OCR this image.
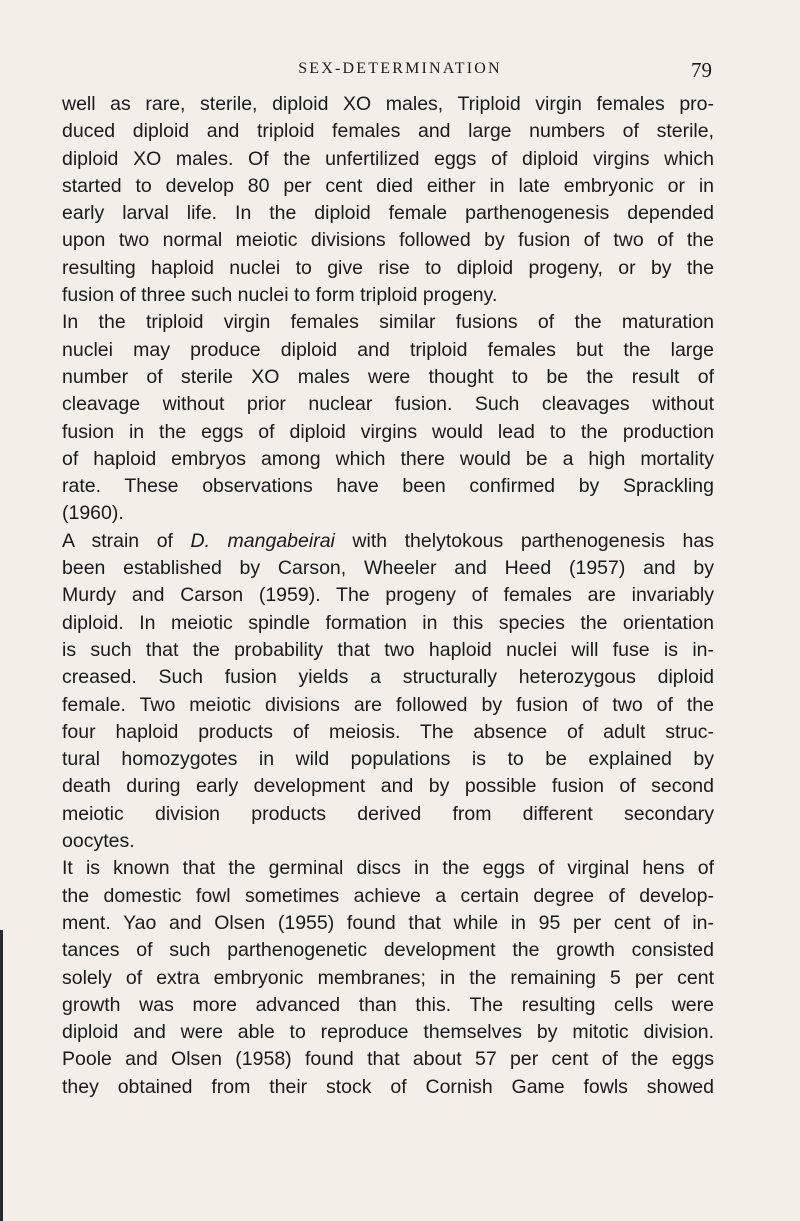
SEX-DETERMINATION	79
well as rare, sterile, diploid XO males, Triploid virgin females pro-
duced diploid and triploid females and large numbers of sterile,
diploid XO males. Of the unfertilized eggs of diploid virgins which
started to develop 80 per cent died either in late embryonic or in
early larval life. In the diploid female parthenogenesis depended
upon two normal meiotic divisions followed by fusion of two of the
resulting haploid nuclei to give rise to diploid progeny, or by the
fusion of three such nuclei to form triploid progeny.
In the triploid virgin females similar fusions of the maturation
nuclei may produce diploid and triploid females but the large
number of sterile XO males were thought to be the result of
cleavage without prior nuclear fusion. Such cleavages without
fusion in the eggs of diploid virgins would lead to the production
of haploid embryos among which there would be a high mortality
rate. These observations have been confirmed by Sprackling
(1960).
A strain of D. mangabeirai with thelytokous parthenogenesis has
been established by Carson, Wheeler and Heed (1957) and by
Murdy and Carson (1959). The progeny of females are invariably
diploid. In meiotic spindle formation in this species the orientation
is such that the probability that two haploid nuclei will fuse is in-
creased. Such fusion yields a structurally heterozygous diploid
female. Two meiotic divisions are followed by fusion of two of the
four haploid products of meiosis. The absence of adult struc-
tural homozygotes in wild populations is to be explained by
death during early development and by possible fusion of second
meiotic division products derived from different secondary
oocytes.
It is known that the germinal discs in the eggs of virginal hens of
the domestic fowl sometimes achieve a certain degree of develop-
ment. Yao and Olsen (1955) found that while in 95 per cent of in-
tances of such parthenogenetic development the growth consisted
solely of extra embryonic membranes; in the remaining 5 per cent
growth was more advanced than this. The resulting cells were
diploid and were able to reproduce themselves by mitotic division.
Poole and Olsen (1958) found that about 57 per cent of the eggs
they obtained from their stock of Cornish Game fowls showed
